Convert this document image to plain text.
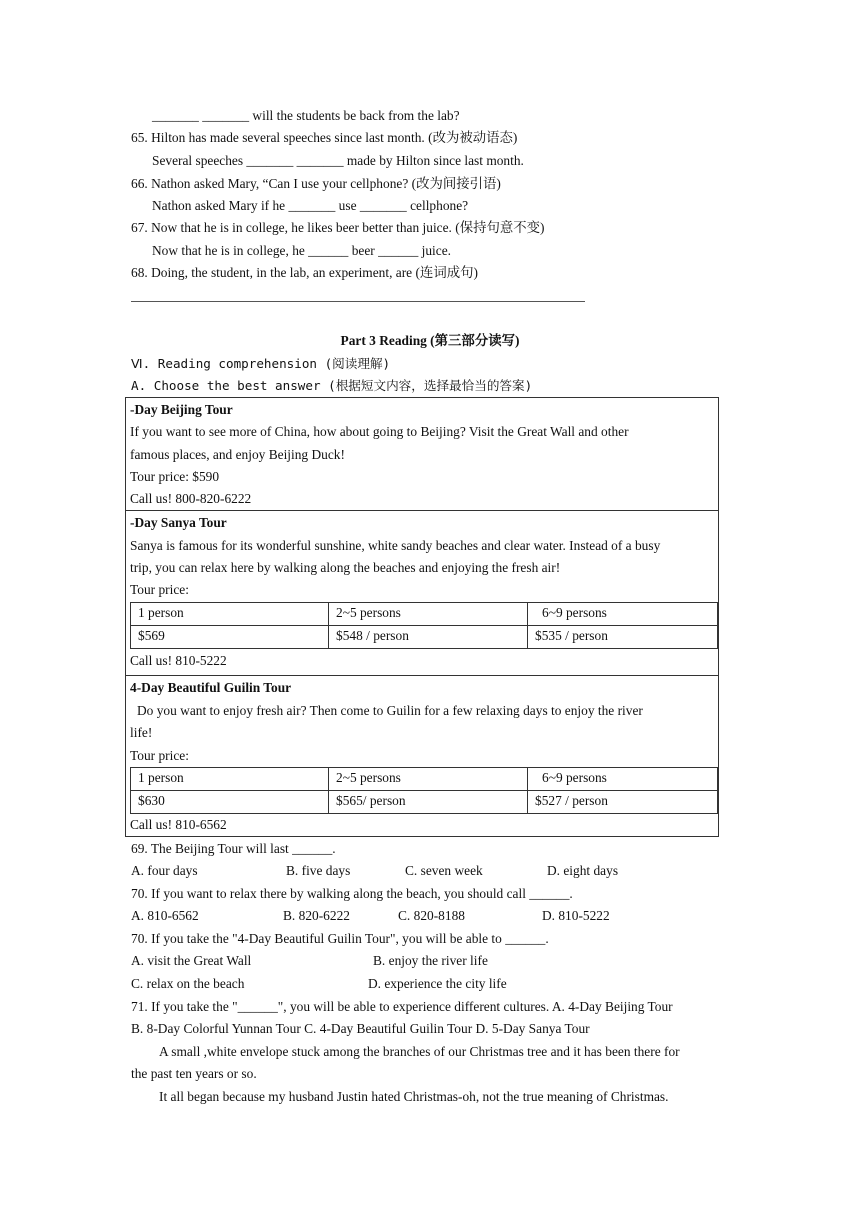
_______ _______ will the students be back from the lab?
65. Hilton has made several speeches since last month. (改为被动语态)
Several speeches _______ _______ made by Hilton since last month.
66. Nathon asked Mary, “Can I use your cellphone? (改为间接引语)
Nathon asked Mary if he _______ use _______ cellphone?
67. Now that he is in college, he likes beer better than juice. (保持句意不变)
Now that he is in college, he ______ beer ______ juice.
68. Doing, the student, in the lab, an experiment, are (连词成句)
Part 3 Reading (第三部分读写)
Ⅵ. Reading comprehension (阅读理解)
A. Choose the best answer (根据短文内容，选择最恰当的答案)
-Day Beijing Tour
If you want to see more of China, how about going to Beijing? Visit the Great Wall and other
famous places, and enjoy Beijing Duck!
Tour price: $590
Call us! 800-820-6222
-Day Sanya Tour
Sanya is famous for its wonderful sunshine, white sandy beaches and clear water. Instead of a busy
trip, you can relax here by walking along the beaches and enjoying the fresh air!
Tour price:
1 person	2~5 persons	6~9 persons
$569	$548 / person	$535 / person
Call us! 810-5222
4-Day Beautiful Guilin Tour
Do you want to enjoy fresh air? Then come to Guilin for a few relaxing days to enjoy the river
life!
Tour price:
1 person	2~5 persons	6~9 persons
$630	$565/ person	$527 / person
Call us! 810-6562
69. The Beijing Tour will last ______.
A. four days	B. five days	C. seven week	D. eight days
70. If you want to relax there by walking along the beach, you should call ______.
A. 810-6562	B. 820-6222	C. 820-8188	D. 810-5222
70. If you take the "4-Day Beautiful Guilin Tour", you will be able to ______.
A. visit the Great Wall	B. enjoy the river life
C. relax on the beach	D. experience the city life
71. If you take the "______", you will be able to experience different cultures. A. 4-Day Beijing Tour
B. 8-Day Colorful Yunnan Tour C. 4-Day Beautiful Guilin Tour D. 5-Day Sanya Tour
A small ,white envelope stuck among the branches of our Christmas tree and it has been there for
the past ten years or so.
It all began because my husband Justin hated Christmas-oh, not the true meaning of Christmas.
